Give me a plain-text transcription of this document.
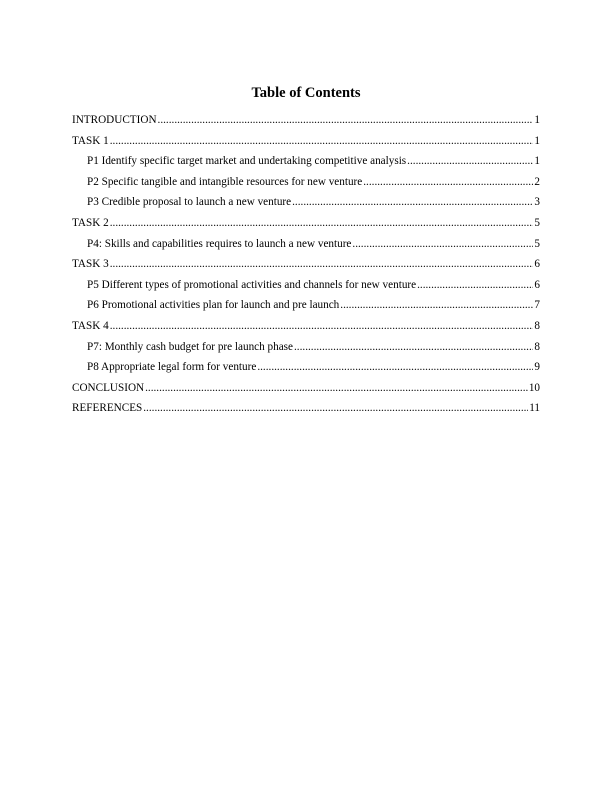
Table of Contents
INTRODUCTION .....	1
TASK 1 .....	1
P1 Identify specific target market and undertaking competitive analysis .....	1
P2 Specific tangible and intangible resources for new venture .....	2
P3 Credible proposal to launch a new venture .....	3
TASK 2 .....	5
P4: Skills and capabilities requires to launch a new venture .....	5
TASK 3 .....	6
P5 Different types of promotional activities and channels for new venture .....	6
P6 Promotional activities plan for launch and pre launch .....	7
TASK 4 .....	8
P7: Monthly cash budget for pre launch phase .....	8
P8 Appropriate legal form for venture .....	9
CONCLUSION .....	10
REFERENCES .....	11
